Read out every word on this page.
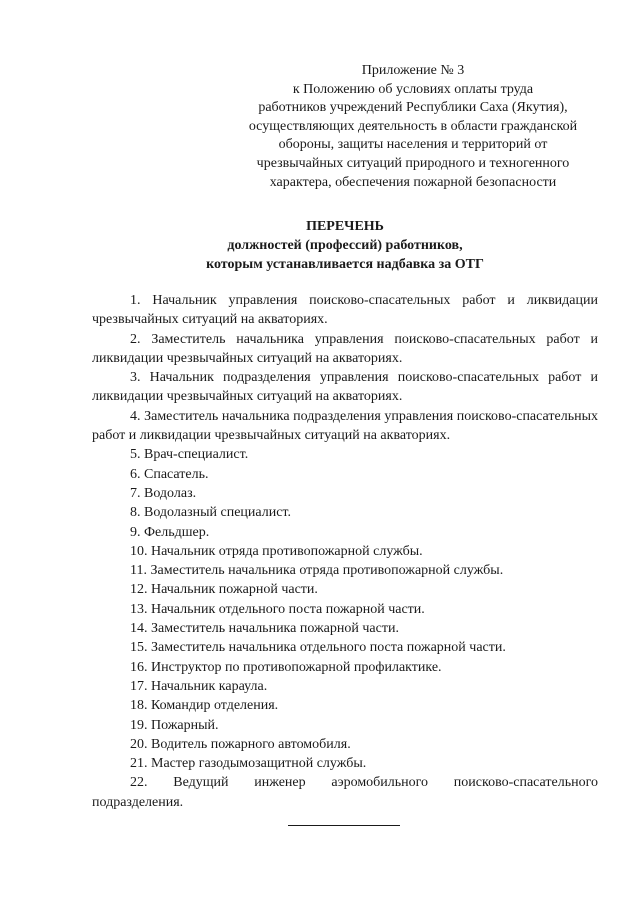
Приложение № 3
к Положению об условиях оплаты труда
работников учреждений Республики Саха (Якутия),
осуществляющих деятельность в области гражданской
обороны, защиты населения и территорий от
чрезвычайных ситуаций природного и техногенного
характера, обеспечения пожарной безопасности
ПЕРЕЧЕНЬ
должностей (профессий) работников,
которым устанавливается надбавка за ОТГ

1. Начальник управления поисково-спасательных работ и ликвидации чрезвычайных ситуаций на акваториях.

2. Заместитель начальника управления поисково-спасательных работ и ликвидации чрезвычайных ситуаций на акваториях.

3. Начальник подразделения управления поисково-спасательных работ и ликвидации чрезвычайных ситуаций на акваториях.

4. Заместитель начальника подразделения управления поисково-спасательных работ и ликвидации чрезвычайных ситуаций на акваториях.

5. Врач-специалист.

6. Спасатель.

7. Водолаз.

8. Водолазный специалист.

9. Фельдшер.

10. Начальник отряда противопожарной службы.

11. Заместитель начальника отряда противопожарной службы.

12. Начальник пожарной части.

13. Начальник отдельного поста пожарной части.

14. Заместитель начальника пожарной части.

15. Заместитель начальника отдельного поста пожарной части.

16. Инструктор по противопожарной профилактике.

17. Начальник караула.

18. Командир отделения.

19. Пожарный.

20. Водитель пожарного автомобиля.

21. Мастер газодымозащитной службы.

22. Ведущий инженер аэромобильного поисково-спасательного подразделения.
